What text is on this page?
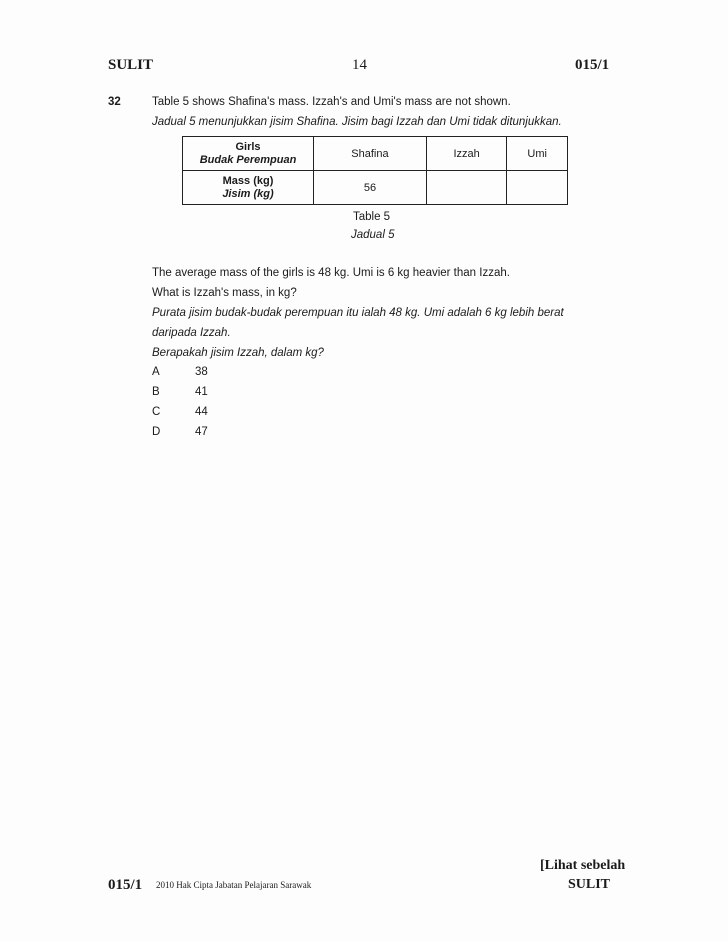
SULIT	14	015/1
32	Table 5 shows Shafina's mass. Izzah's and Umi's mass are not shown.
Jadual 5 menunjukkan jisim Shafina. Jisim bagi Izzah dan Umi tidak ditunjukkan.
Girls
Budak Perempuan	Shafina	Izzah	Umi

Mass (kg)
Jisim (kg)	56		
Table 5
Jadual 5
The average mass of the girls is 48 kg. Umi is 6 kg heavier than Izzah.
What is Izzah's mass, in kg?
Purata jisim budak-budak perempuan itu ialah 48 kg. Umi adalah 6 kg lebih berat
daripada Izzah.
Berapakah jisim Izzah, dalam kg?
A	38
B	41
C	44
D	47
[Lihat sebelah
015/1 2010 Hak Cipta Jabatan Pelajaran Sarawak	SULIT
